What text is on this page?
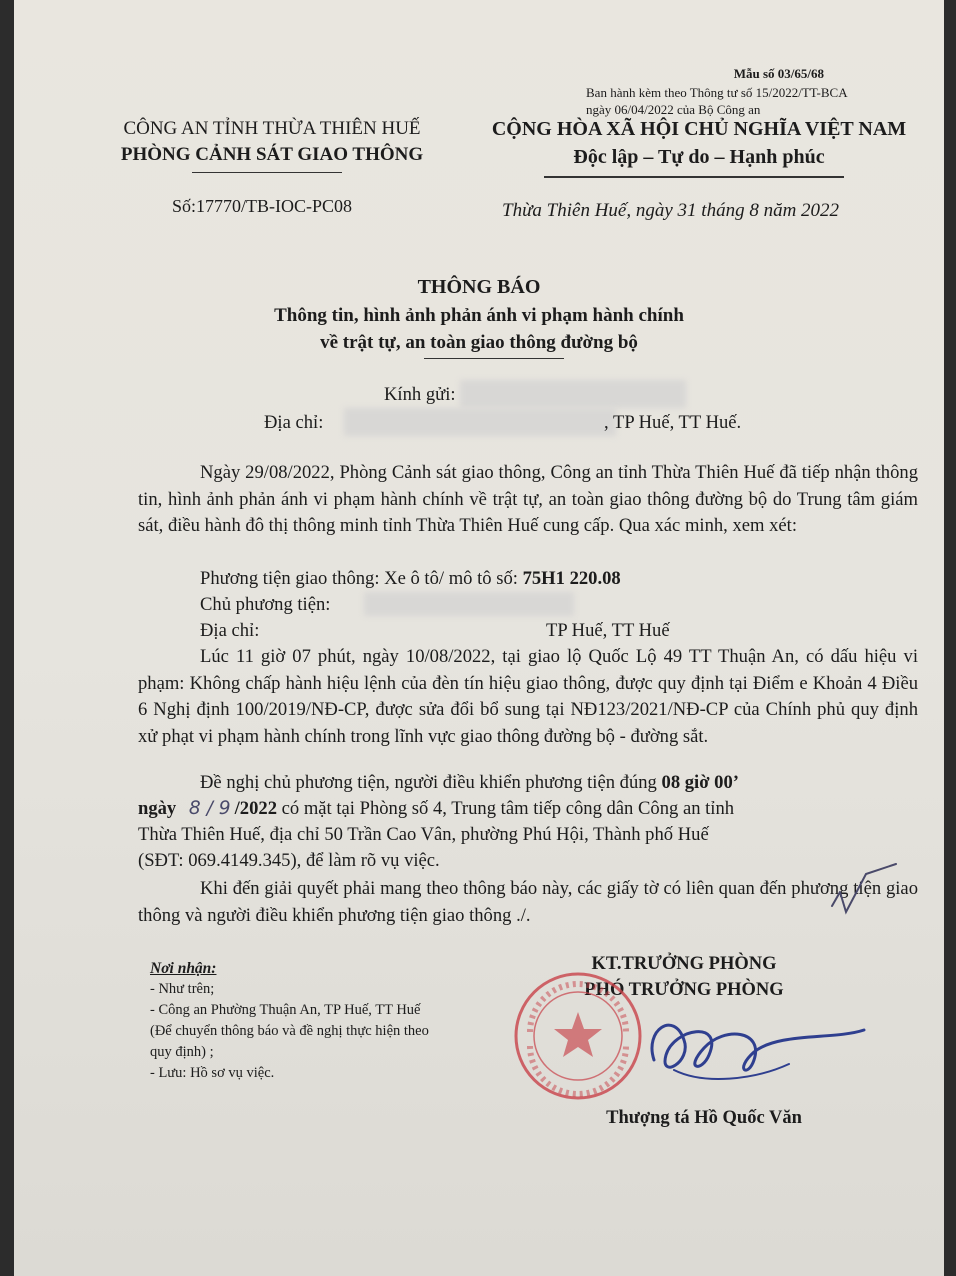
Mẫu số 03/65/68
Ban hành kèm theo Thông tư số 15/2022/TT-BCA
ngày 06/04/2022 của Bộ Công an
CÔNG AN TỈNH THỪA THIÊN HUẾ
PHÒNG CẢNH SÁT GIAO THÔNG
Số:17770/TB-IOC-PC08
CỘNG HÒA XÃ HỘI CHỦ NGHĨA VIỆT NAM
Độc lập – Tự do – Hạnh phúc
Thừa Thiên Huế, ngày 31 tháng 8 năm 2022
THÔNG BÁO
Thông tin, hình ảnh phản ánh vi phạm hành chính
về trật tự, an toàn giao thông đường bộ
Kính gửi:
Địa chỉ:	, TP Huế, TT Huế.
Ngày 29/08/2022, Phòng Cảnh sát giao thông, Công an tỉnh Thừa Thiên Huế đã tiếp nhận thông tin, hình ảnh phản ánh vi phạm hành chính về trật tự, an toàn giao thông đường bộ do Trung tâm giám sát, điều hành đô thị thông minh tỉnh Thừa Thiên Huế cung cấp. Qua xác minh, xem xét:
Phương tiện giao thông: Xe ô tô/ mô tô số: 75H1 220.08
Chủ phương tiện:
Địa chỉ:	TP Huế, TT Huế
Lúc 11 giờ 07 phút, ngày 10/08/2022, tại giao lộ Quốc Lộ 49 TT Thuận An, có dấu hiệu vi phạm: Không chấp hành hiệu lệnh của đèn tín hiệu giao thông, được quy định tại Điểm e Khoản 4 Điều 6 Nghị định 100/2019/NĐ-CP, được sửa đổi bổ sung tại NĐ123/2021/NĐ-CP của Chính phủ quy định xử phạt vi phạm hành chính trong lĩnh vực giao thông đường bộ - đường sắt.
Đề nghị chủ phương tiện, người điều khiển phương tiện đúng 08 giờ 00’
ngày 8 / 9 /2022 có mặt tại Phòng số 4, Trung tâm tiếp công dân Công an tỉnh
Thừa Thiên Huế, địa chỉ 50 Trần Cao Vân, phường Phú Hội, Thành phố Huế
(SĐT: 069.4149.345), để làm rõ vụ việc.
Khi đến giải quyết phải mang theo thông báo này, các giấy tờ có liên quan đến phương tiện giao thông và người điều khiển phương tiện giao thông ./.
Nơi nhận:
- Như trên;
- Công an Phường Thuận An, TP Huế, TT Huế
(Để chuyển thông báo và đề nghị thực hiện theo
quy định) ;
- Lưu: Hồ sơ vụ việc.
KT.TRƯỞNG PHÒNG
PHÓ TRƯỞNG PHÒNG
Thượng tá Hồ Quốc Văn
